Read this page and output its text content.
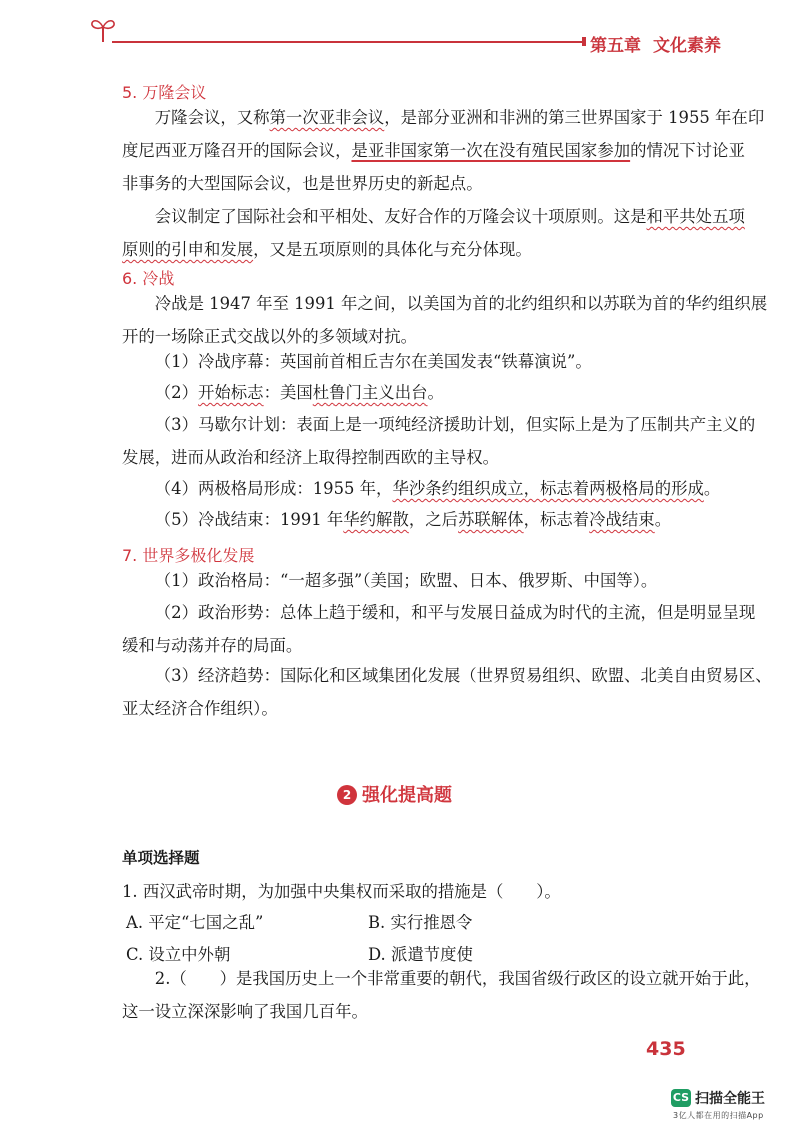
第五章 文化素养
5. 万隆会议
万隆会议，又称第一次亚非会议，是部分亚洲和非洲的第三世界国家于 1955 年在印
度尼西亚万隆召开的国际会议，是亚非国家第一次在没有殖民国家参加的情况下讨论亚
非事务的大型国际会议，也是世界历史的新起点。
会议制定了国际社会和平相处、友好合作的万隆会议十项原则。这是和平共处五项
原则的引申和发展，又是五项原则的具体化与充分体现。
6. 冷战
冷战是 1947 年至 1991 年之间，以美国为首的北约组织和以苏联为首的华约组织展
开的一场除正式交战以外的多领域对抗。
（1）冷战序幕：英国前首相丘吉尔在美国发表“铁幕演说”。
（2）开始标志：美国杜鲁门主义出台。
（3）马歇尔计划：表面上是一项纯经济援助计划，但实际上是为了压制共产主义的
发展，进而从政治和经济上取得控制西欧的主导权。
（4）两极格局形成：1955 年，华沙条约组织成立，标志着两极格局的形成。
（5）冷战结束：1991 年华约解散，之后苏联解体，标志着冷战结束。
7. 世界多极化发展
（1）政治格局：“一超多强”（美国；欧盟、日本、俄罗斯、中国等）。
（2）政治形势：总体上趋于缓和，和平与发展日益成为时代的主流，但是明显呈现
缓和与动荡并存的局面。
（3）经济趋势：国际化和区域集团化发展（世界贸易组织、欧盟、北美自由贸易区、
亚太经济合作组织）。
2 强化提高题
单项选择题
1. 西汉武帝时期，为加强中央集权而采取的措施是（　　）。
A. 平定“七国之乱”	B. 实行推恩令
C. 设立中外朝	D. 派遣节度使
2.（　　）是我国历史上一个非常重要的朝代，我国省级行政区的设立就开始于此，
这一设立深深影响了我国几百年。
435
CS 扫描全能王
3亿人都在用的扫描App
